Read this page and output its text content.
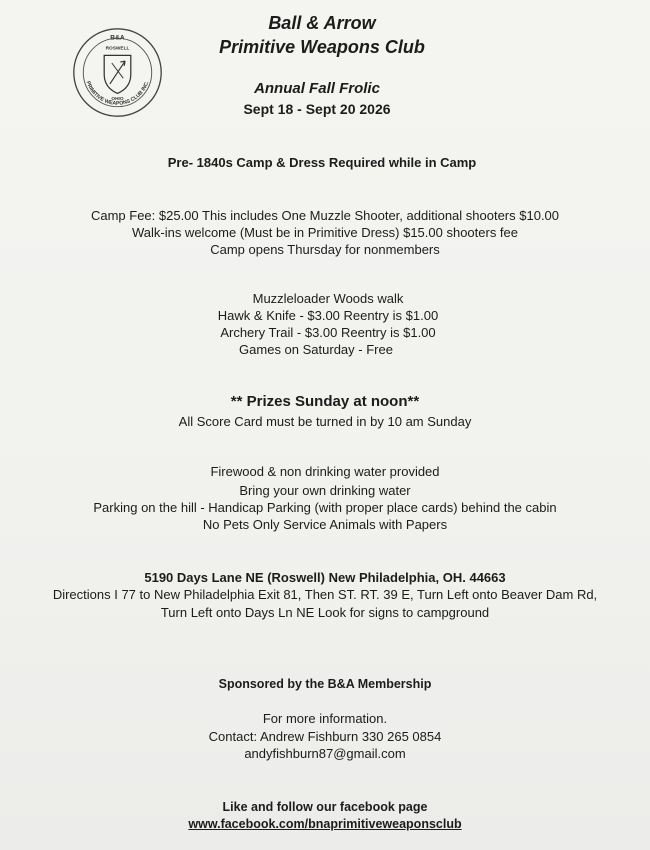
B&A
ROSWELL
OHIO
PRIMITIVE WEAPONS CLUB INC.
Ball & Arrow
Primitive Weapons Club
Annual Fall Frolic
Sept 18 - Sept 20 2026
Pre- 1840s Camp & Dress Required while in Camp
Camp Fee: $25.00 This includes One Muzzle Shooter, additional shooters $10.00
Walk-ins welcome (Must be in Primitive Dress) $15.00 shooters fee
Camp opens Thursday for nonmembers
Muzzleloader Woods walk
Hawk & Knife - $3.00 Reentry is $1.00
Archery Trail - $3.00 Reentry is $1.00
Games on Saturday - Free
** Prizes Sunday at noon**
All Score Card must be turned in by 10 am Sunday
Firewood & non drinking water provided
Bring your own drinking water
Parking on the hill - Handicap Parking (with proper place cards) behind the cabin
No Pets Only Service Animals with Papers
5190 Days Lane NE (Roswell) New Philadelphia, OH. 44663
Directions I 77 to New Philadelphia Exit 81, Then ST. RT. 39 E, Turn Left onto Beaver Dam Rd,
Turn Left onto Days Ln NE Look for signs to campground
Sponsored by the B&A Membership
For more information.
Contact: Andrew Fishburn 330 265 0854
andyfishburn87@gmail.com
Like and follow our facebook page
www.facebook.com/bnaprimitiveweaponsclub
